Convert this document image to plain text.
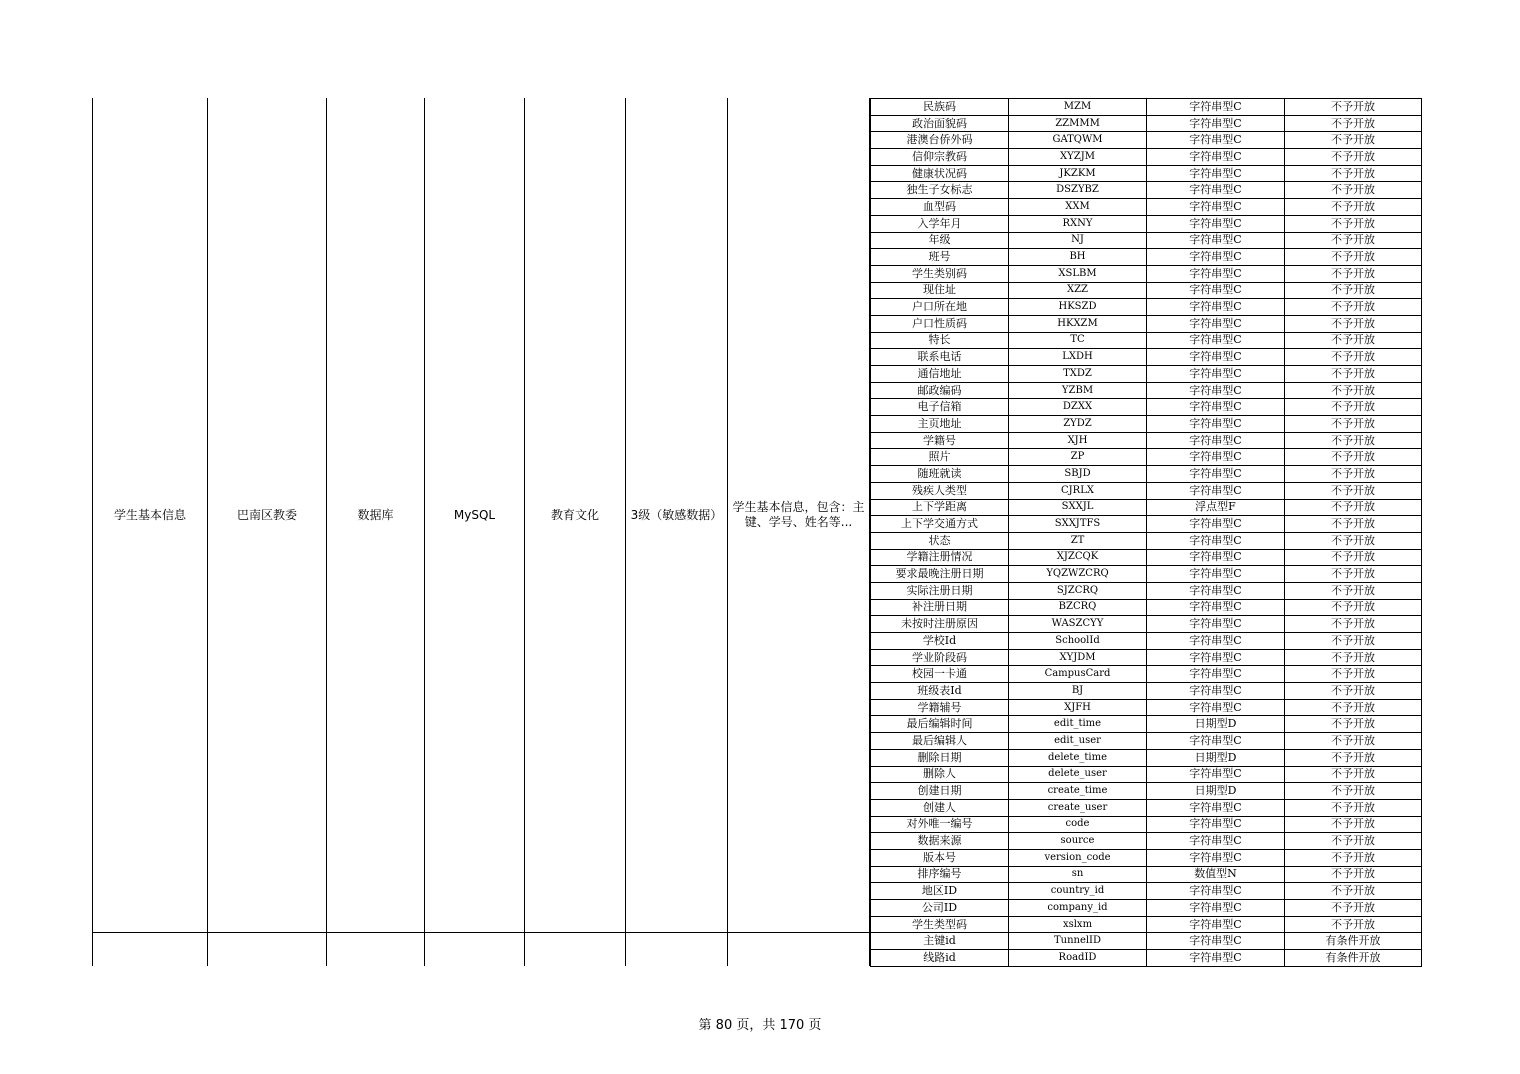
学生基本信息	巴南区教委	数据库	MySQL	教育文化	3级（敏感数据）
学生基本信息，包含：主键、学号、姓名等...
民族码	MZM	字符串型C	不予开放
政治面貌码	ZZMMM	字符串型C	不予开放
港澳台侨外码	GATQWM	字符串型C	不予开放
信仰宗教码	XYZJM	字符串型C	不予开放
健康状况码	JKZKM	字符串型C	不予开放
独生子女标志	DSZYBZ	字符串型C	不予开放
血型码	XXM	字符串型C	不予开放
入学年月	RXNY	字符串型C	不予开放
年级	NJ	字符串型C	不予开放
班号	BH	字符串型C	不予开放
学生类别码	XSLBM	字符串型C	不予开放
现住址	XZZ	字符串型C	不予开放
户口所在地	HKSZD	字符串型C	不予开放
户口性质码	HKXZM	字符串型C	不予开放
特长	TC	字符串型C	不予开放
联系电话	LXDH	字符串型C	不予开放
通信地址	TXDZ	字符串型C	不予开放
邮政编码	YZBM	字符串型C	不予开放
电子信箱	DZXX	字符串型C	不予开放
主页地址	ZYDZ	字符串型C	不予开放
学籍号	XJH	字符串型C	不予开放
照片	ZP	字符串型C	不予开放
随班就读	SBJD	字符串型C	不予开放
残疾人类型	CJRLX	字符串型C	不予开放
上下学距离	SXXJL	浮点型F	不予开放
上下学交通方式	SXXJTFS	字符串型C	不予开放
状态	ZT	字符串型C	不予开放
学籍注册情况	XJZCQK	字符串型C	不予开放
要求最晚注册日期	YQZWZCRQ	字符串型C	不予开放
实际注册日期	SJZCRQ	字符串型C	不予开放
补注册日期	BZCRQ	字符串型C	不予开放
未按时注册原因	WASZCYY	字符串型C	不予开放
学校Id	SchoolId	字符串型C	不予开放
学业阶段码	XYJDM	字符串型C	不予开放
校园一卡通	CampusCard	字符串型C	不予开放
班级表Id	BJ	字符串型C	不予开放
学籍辅号	XJFH	字符串型C	不予开放
最后编辑时间	edit_time	日期型D	不予开放
最后编辑人	edit_user	字符串型C	不予开放
删除日期	delete_time	日期型D	不予开放
删除人	delete_user	字符串型C	不予开放
创建日期	create_time	日期型D	不予开放
创建人	create_user	字符串型C	不予开放
对外唯一编号	code	字符串型C	不予开放
数据来源	source	字符串型C	不予开放
版本号	version_code	字符串型C	不予开放
排序编号	sn	数值型N	不予开放
地区ID	country_id	字符串型C	不予开放
公司ID	company_id	字符串型C	不予开放
学生类型码	xslxm	字符串型C	不予开放
主键id	TunnelID	字符串型C	有条件开放
线路id	RoadID	字符串型C	有条件开放
第 80 页，共 170 页
